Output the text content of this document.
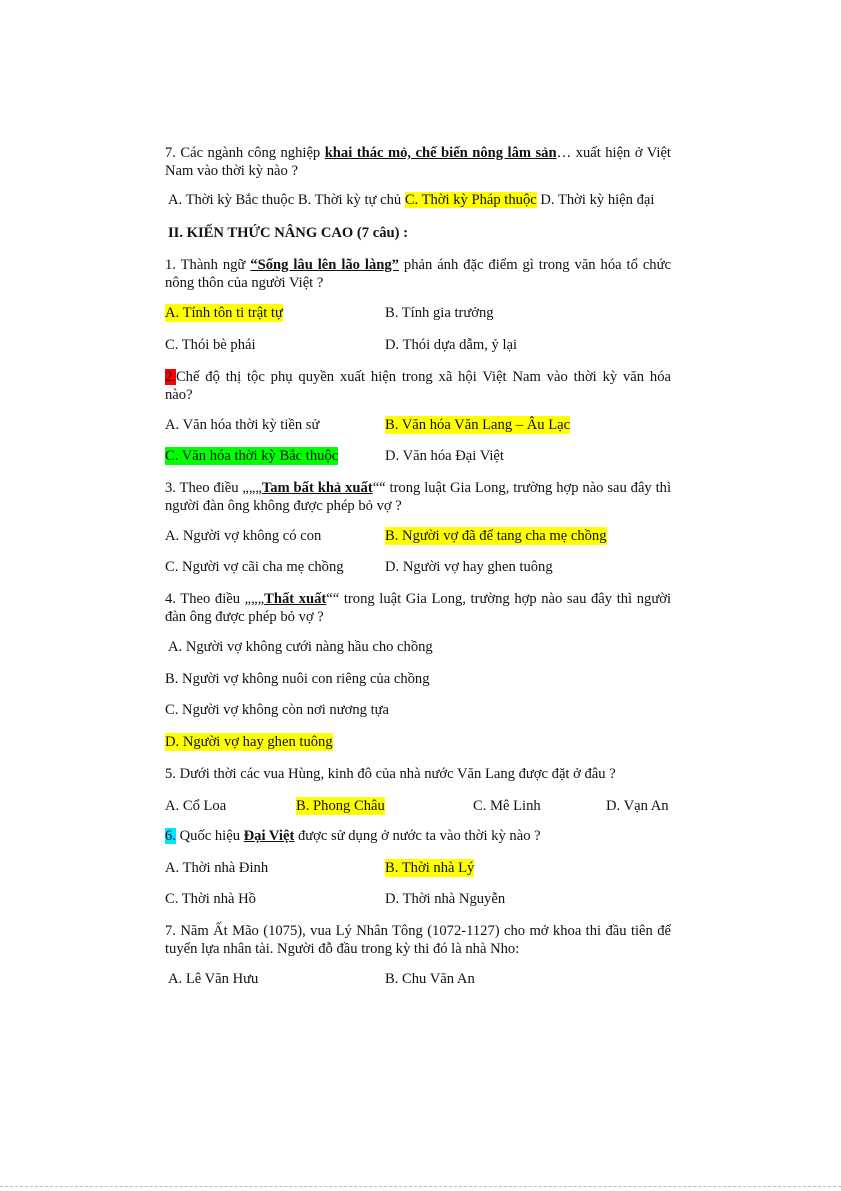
7. Các ngành công nghiệp khai thác mỏ, chế biến nông lâm sản… xuất hiện ở Việt
Nam vào thời kỳ nào ?
A. Thời kỳ Bắc thuộc B. Thời kỳ tự chủ C. Thời kỳ Pháp thuộc D. Thời kỳ hiện đại
II. KIẾN THỨC NÂNG CAO (7 câu) :
1. Thành ngữ “Sống lâu lên lão làng” phản ánh đặc điểm gì trong văn hóa tổ chức
nông thôn của người Việt ?
A. Tính tôn ti trật tự	B. Tính gia trưởng
C. Thói bè phái	D. Thói dựa dẫm, ỷ lại
2.Chế độ thị tộc phụ quyền xuất hiện trong xã hội Việt Nam vào thời kỳ văn hóa
nào?
A. Văn hóa thời kỳ tiền sử	B. Văn hóa Văn Lang – Âu Lạc
C. Văn hóa thời kỳ Bắc thuộc	D. Văn hóa Đại Việt
3. Theo điều „„„Tam bất khả xuất““ trong luật Gia Long, trường hợp nào sau đây thì
người đàn ông không được phép bỏ vợ ?
A. Người vợ không có con	B. Người vợ đã để tang cha mẹ chồng
C. Người vợ cãi cha mẹ chồng	D. Người vợ hay ghen tuông
4. Theo điều „„„Thất xuất““ trong luật Gia Long, trường hợp nào sau đây thì người
đàn ông được phép bỏ vợ ?
A. Người vợ không cưới nàng hầu cho chồng
B. Người vợ không nuôi con riêng của chồng
C. Người vợ không còn nơi nương tựa
D. Người vợ hay ghen tuông
5. Dưới thời các vua Hùng, kinh đô của nhà nước Văn Lang được đặt ở đâu ?
A. Cổ Loa	B. Phong Châu	C. Mê Linh	D. Vạn An
6. Quốc hiệu Đại Việt được sử dụng ở nước ta vào thời kỳ nào ?
A. Thời nhà Đinh	B. Thời nhà Lý
C. Thời nhà Hồ	D. Thời nhà Nguyễn
7. Năm Ất Mão (1075), vua Lý Nhân Tông (1072-1127) cho mở khoa thi đầu tiên để
tuyển lựa nhân tài. Người đỗ đầu trong kỳ thi đó là nhà Nho:
A. Lê Văn Hưu	B. Chu Văn An
